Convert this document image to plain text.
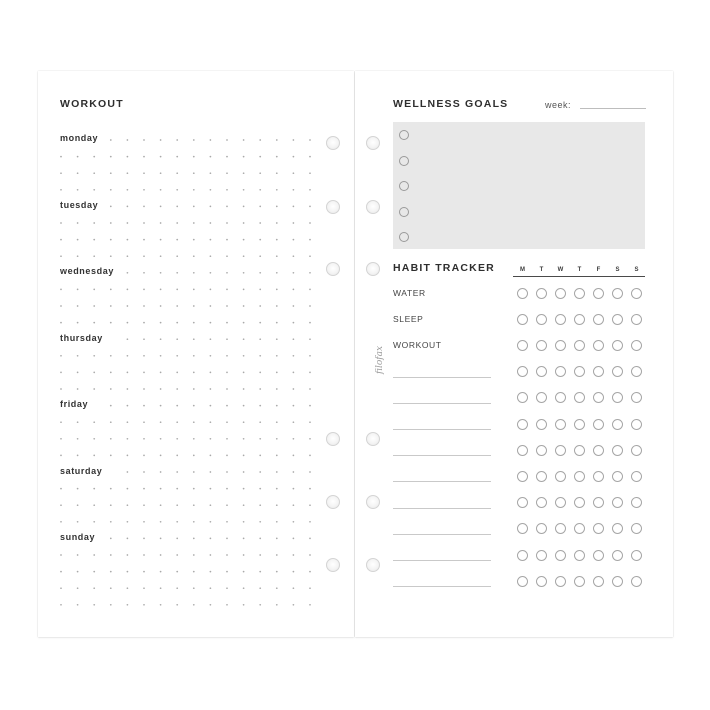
WORKOUT
monday
tuesday
wednesday
thursday
friday
saturday
sunday
WELLNESS GOALS	week:
HABIT TRACKER	M	T	W	T	F	S	S
WATER
SLEEP
WORKOUT
filofax
